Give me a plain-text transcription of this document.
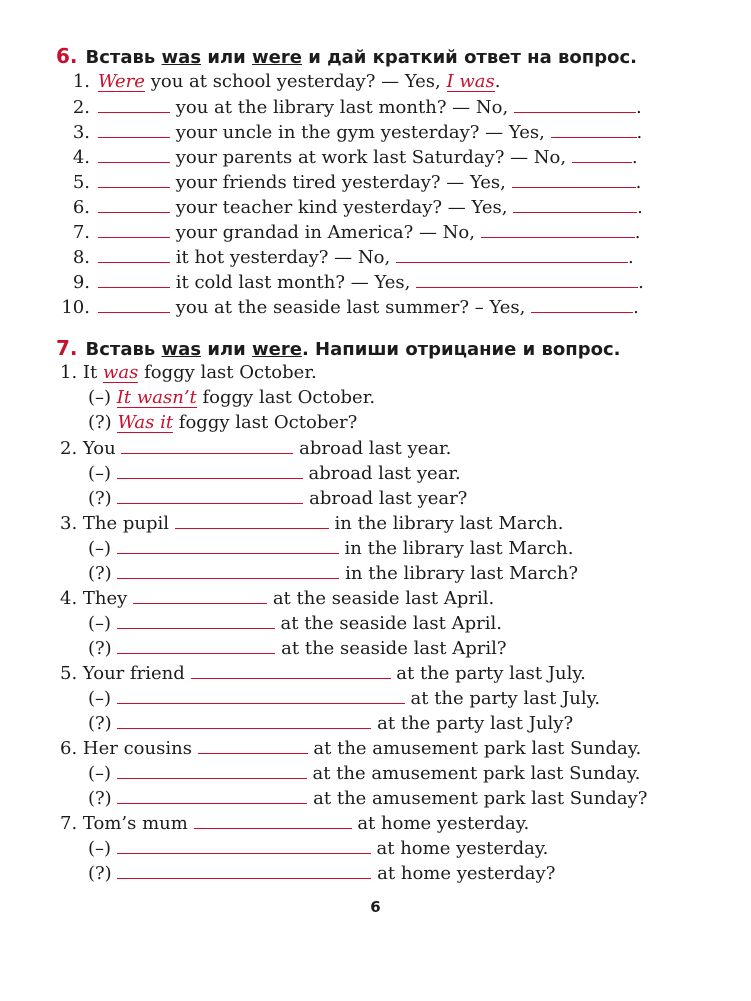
6. Вставь was или were и дай краткий ответ на вопрос.
1. Were you at school yesterday? — Yes, I was.
2.	you at the library last month? — No,	.
3.	your uncle in the gym yesterday? — Yes,	.
4.	your parents at work last Saturday? — No,	.
5.	your friends tired yesterday? — Yes,	.
6.	your teacher kind yesterday? — Yes,	.
7.	your grandad in America? — No,	.
8.	it hot yesterday? — No,	.
9.	it cold last month? — Yes,	.
10.	you at the seaside last summer? – Yes,	.
7. Вставь was или were. Напиши отрицание и вопрос.
1. It was foggy last October.
(–) It wasn’t foggy last October.
(?) Was it foggy last October?
2. You	abroad last year.
(–)	abroad last year.
(?)	abroad last year?
3. The pupil	in the library last March.
(–)	in the library last March.
(?)	in the library last March?
4. They	at the seaside last April.
(–)	at the seaside last April.
(?)	at the seaside last April?
5. Your friend	at the party last July.
(–)	at the party last July.
(?)	at the party last July?
6. Her cousins	at the amusement park last Sunday.
(–)	at the amusement park last Sunday.
(?)	at the amusement park last Sunday?
7. Tom’s mum	at home yesterday.
(–)	at home yesterday.
(?)	at home yesterday?
6
